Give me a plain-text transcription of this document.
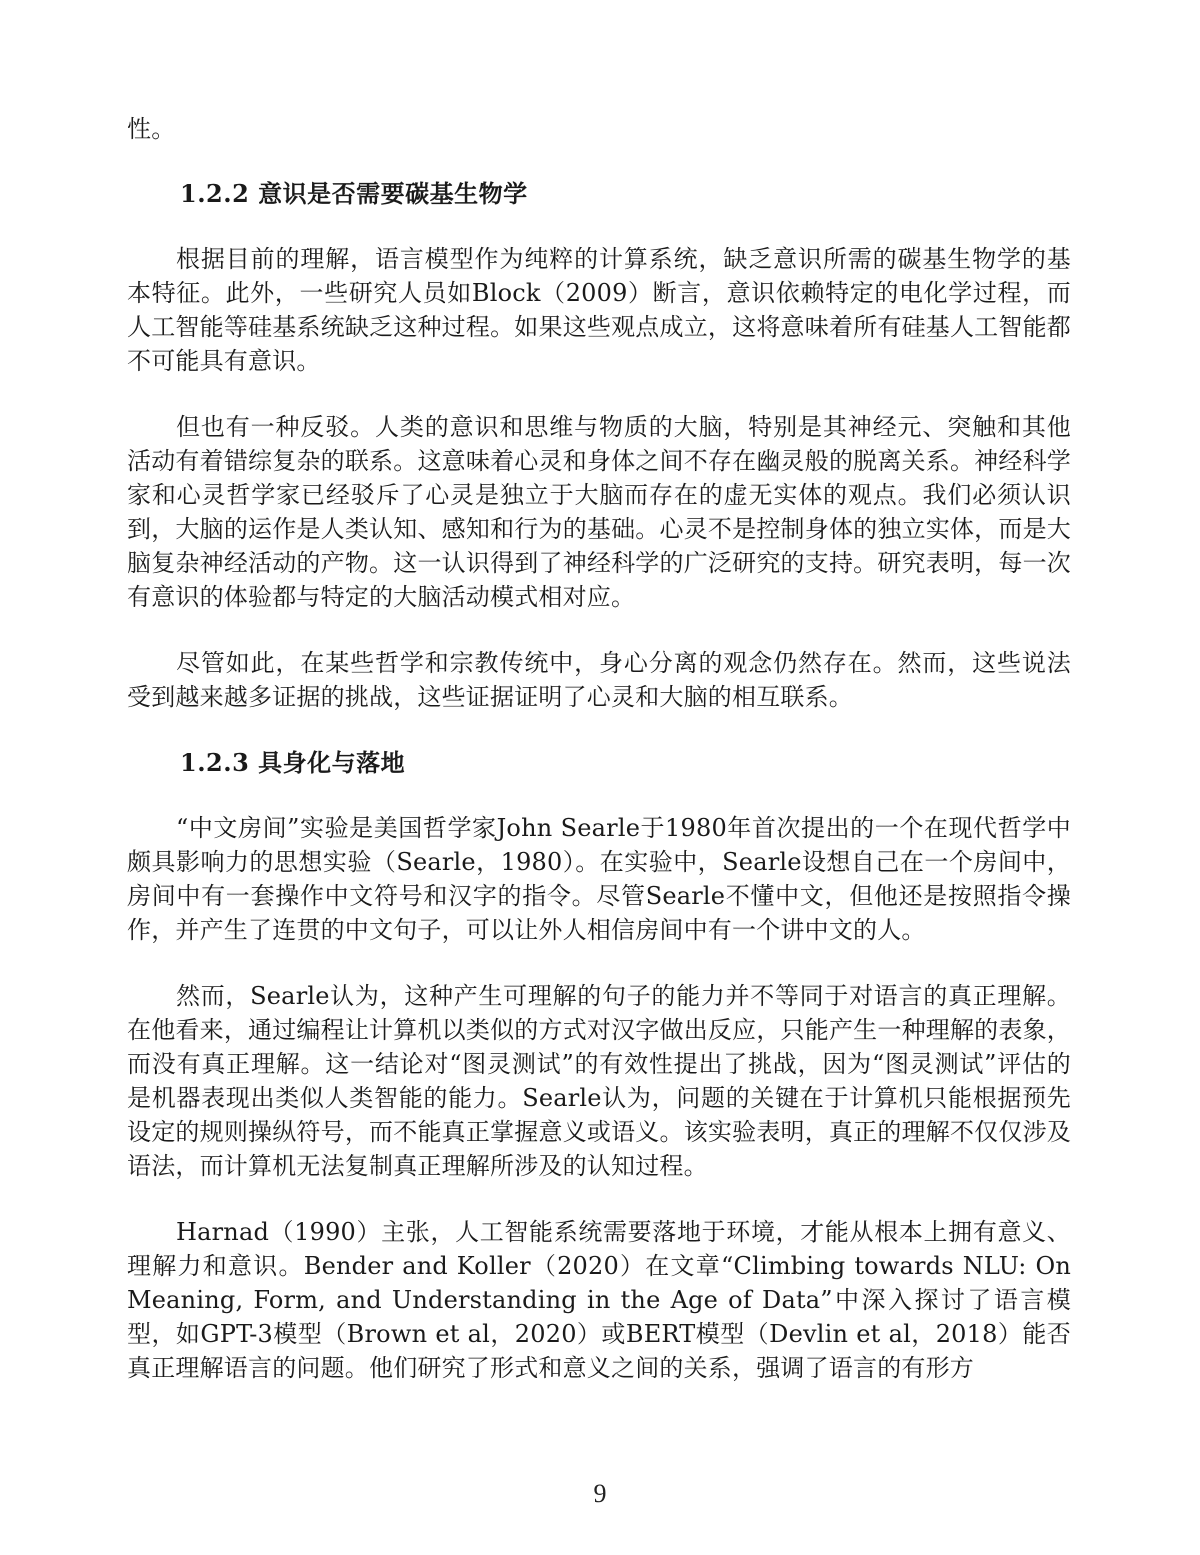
性。

1.2.2 意识是否需要碳基生物学

根据目前的理解，语言模型作为纯粹的计算系统，缺乏意识所需的碳基生物学的基本特征。此外，一些研究人员如Block（2009）断言，意识依赖特定的电化学过程，而人工智能等硅基系统缺乏这种过程。如果这些观点成立，这将意味着所有硅基人工智能都不可能具有意识。

但也有一种反驳。人类的意识和思维与物质的大脑，特别是其神经元、突触和其他活动有着错综复杂的联系。这意味着心灵和身体之间不存在幽灵般的脱离关系。神经科学家和心灵哲学家已经驳斥了心灵是独立于大脑而存在的虚无实体的观点。我们必须认识到，大脑的运作是人类认知、感知和行为的基础。心灵不是控制身体的独立实体，而是大脑复杂神经活动的产物。这一认识得到了神经科学的广泛研究的支持。研究表明，每一次有意识的体验都与特定的大脑活动模式相对应。

尽管如此，在某些哲学和宗教传统中，身心分离的观念仍然存在。然而，这些说法受到越来越多证据的挑战，这些证据证明了心灵和大脑的相互联系。

1.2.3 具身化与落地

“中文房间”实验是美国哲学家John Searle于1980年首次提出的一个在现代哲学中颇具影响力的思想实验（Searle，1980）。在实验中，Searle设想自己在一个房间中，房间中有一套操作中文符号和汉字的指令。尽管Searle不懂中文，但他还是按照指令操作，并产生了连贯的中文句子，可以让外人相信房间中有一个讲中文的人。

然而，Searle认为，这种产生可理解的句子的能力并不等同于对语言的真正理解。在他看来，通过编程让计算机以类似的方式对汉字做出反应，只能产生一种理解的表象，而没有真正理解。这一结论对“图灵测试”的有效性提出了挑战，因为“图灵测试”评估的是机器表现出类似人类智能的能力。Searle认为，问题的关键在于计算机只能根据预先设定的规则操纵符号，而不能真正掌握意义或语义。该实验表明，真正的理解不仅仅涉及语法，而计算机无法复制真正理解所涉及的认知过程。

Harnad（1990）主张，人工智能系统需要落地于环境，才能从根本上拥有意义、理解力和意识。Bender and Koller（2020）在文章“Climbing towards NLU: On Meaning, Form, and Understanding in the Age of Data”中深入探讨了语言模型，如GPT-3模型（Brown et al，2020）或BERT模型（Devlin et al，2018）能否真正理解语言的问题。他们研究了形式和意义之间的关系，强调了语言的有形方

9
